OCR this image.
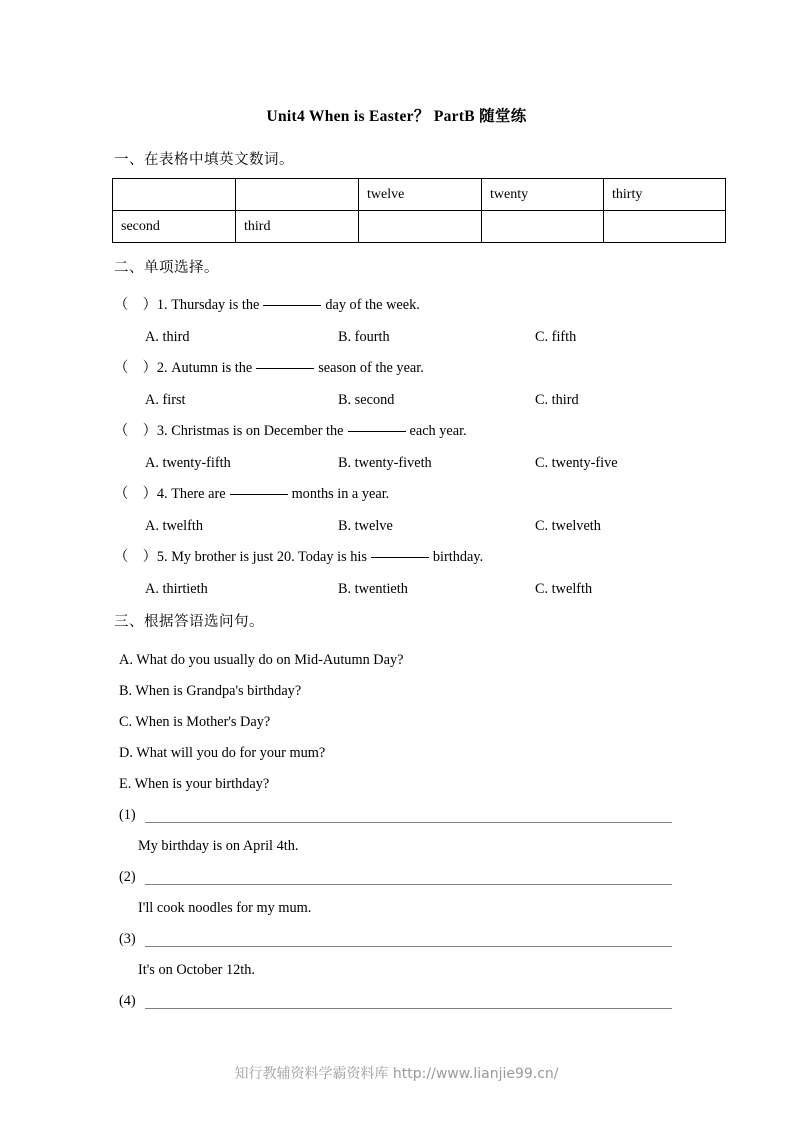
Unit4 When is Easter？ PartB 随堂练
一、在表格中填英文数词。
		twelve	twenty	thirty
second	third			
二、单项选择。
（    ）1. Thursday is the	day of the week.
A. third	B. fourth	C. fifth
（    ）2. Autumn is the	season of the year.
A. first	B. second	C. third
（    ）3. Christmas is on December the	each year.
A. twenty-fifth	B. twenty-fiveth	C. twenty-five
（    ）4. There are	months in a year.
A. twelfth	B. twelve	C. twelveth
（    ）5. My brother is just 20. Today is his	birthday.
A. thirtieth	B. twentieth	C. twelfth
三、根据答语选问句。
A. What do you usually do on Mid-Autumn Day?
B. When is Grandpa's birthday?
C. When is Mother's Day?
D. What will you do for your mum?
E. When is your birthday?
(1)
My birthday is on April 4th.
(2)
I'll cook noodles for my mum.
(3)
It's on October 12th.
(4)
知行教辅资料学霸资料库 http://www.lianjie99.cn/
